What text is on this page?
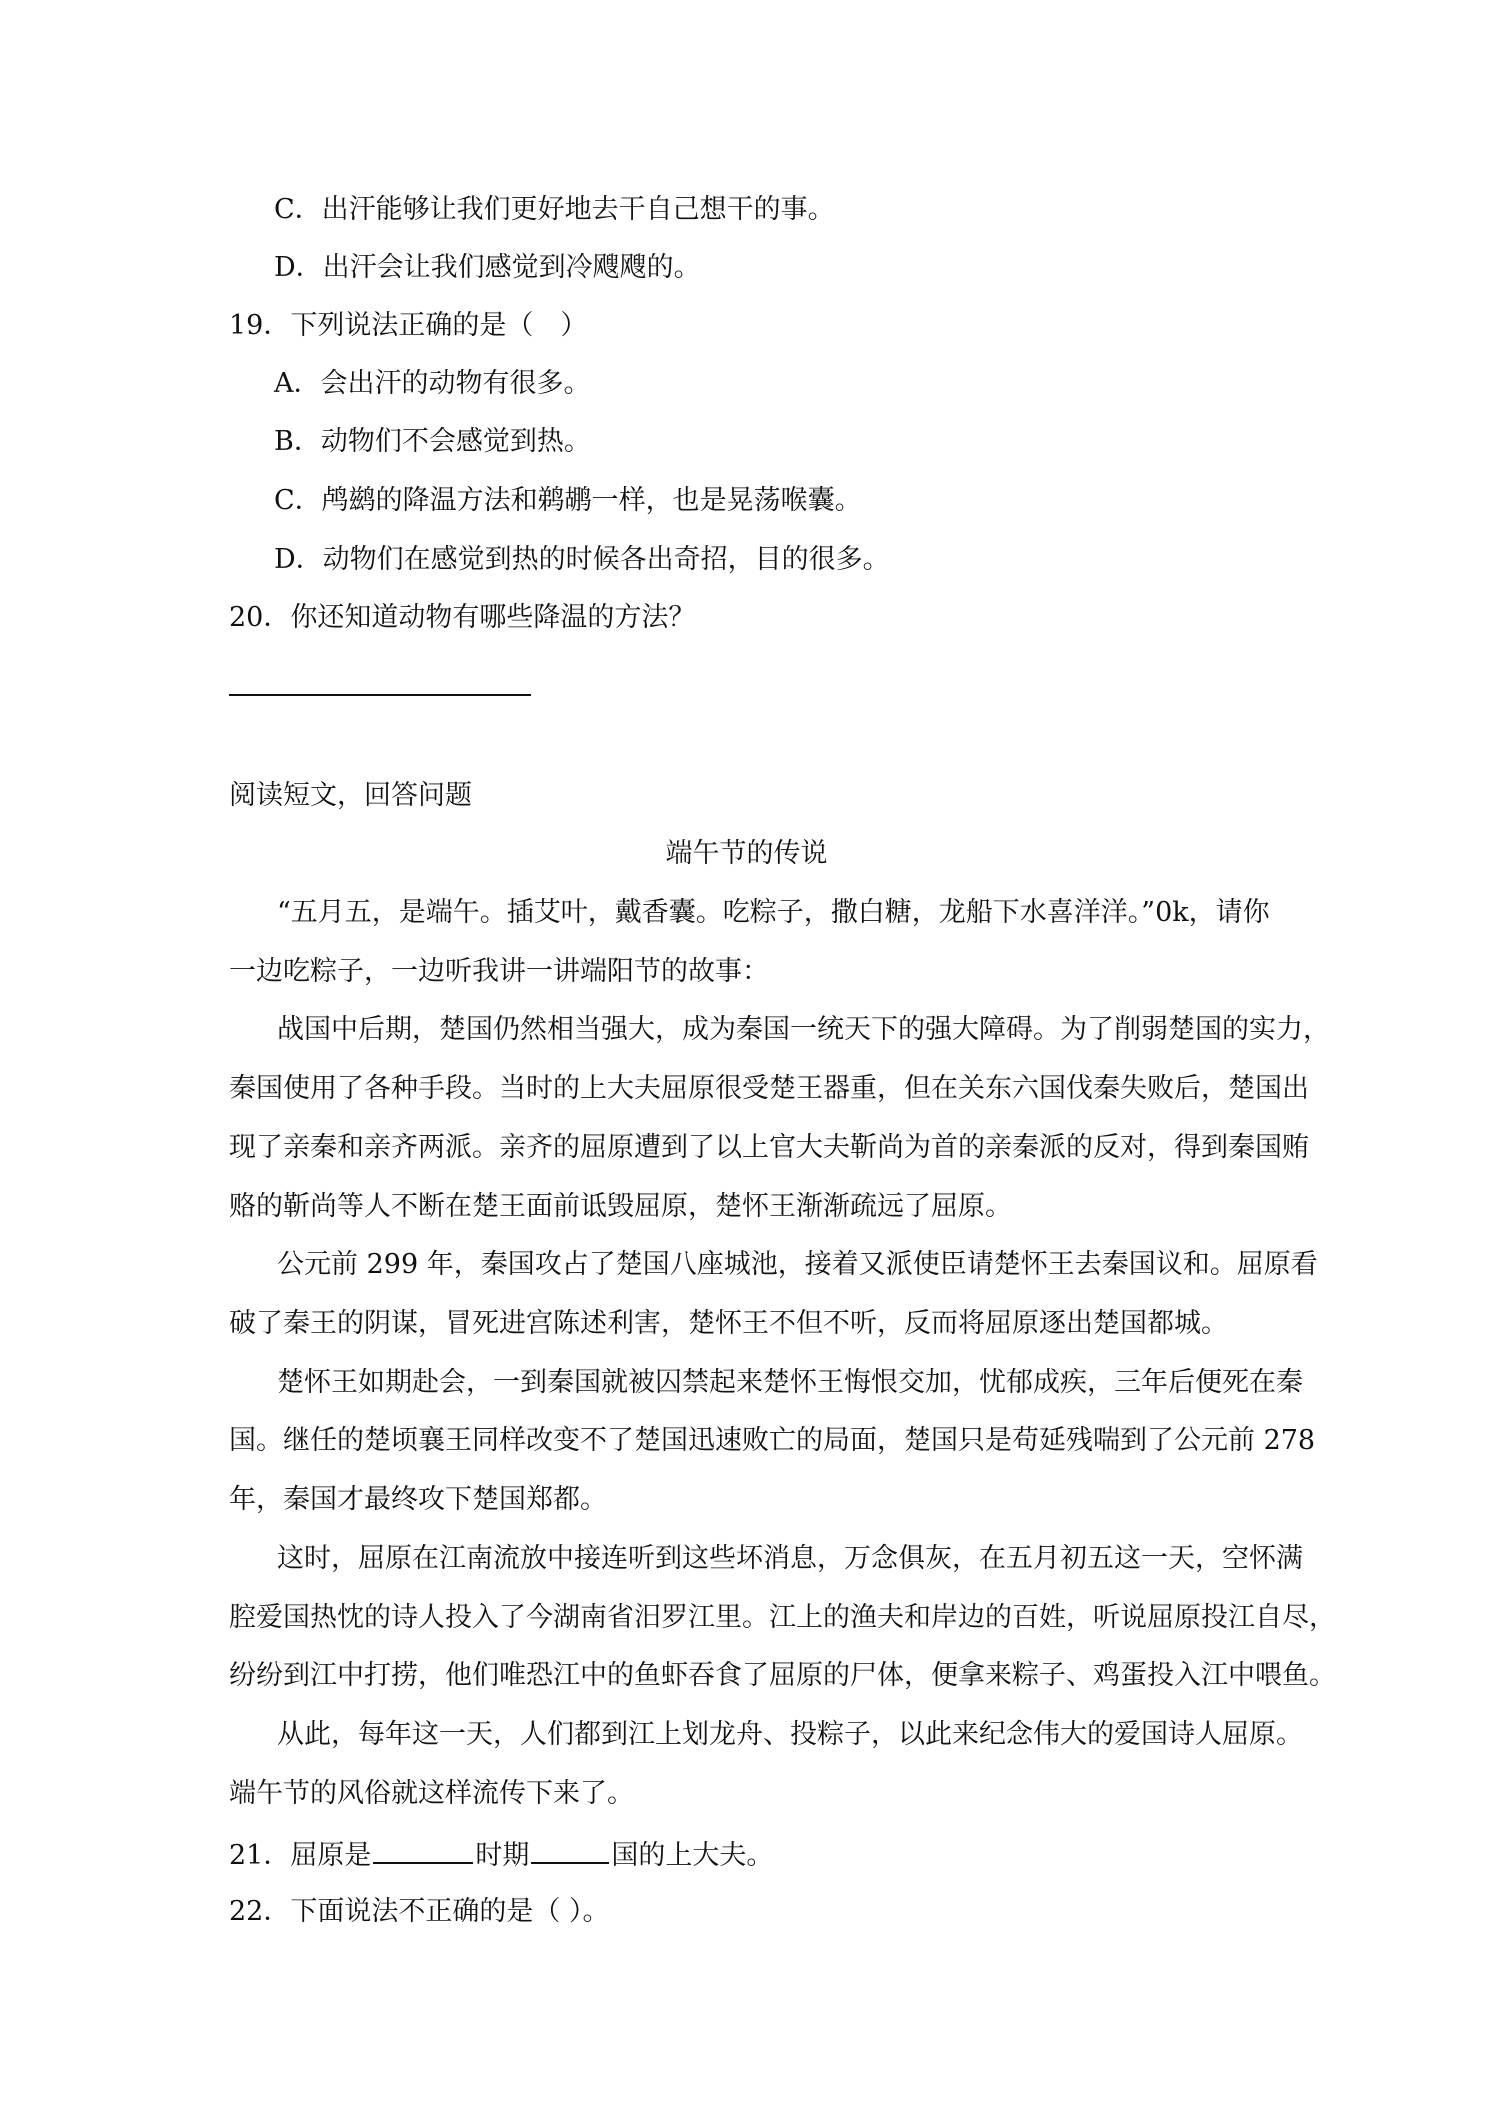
C．出汗能够让我们更好地去干自己想干的事。
D．出汗会让我们感觉到冷飕飕的。
19．下列说法正确的是（　）
A．会出汗的动物有很多。
B．动物们不会感觉到热。
C．鸬鹚的降温方法和鹈鹕一样，也是晃荡喉囊。
D．动物们在感觉到热的时候各出奇招，目的很多。
20．你还知道动物有哪些降温的方法？
阅读短文，回答问题
端午节的传说
“五月五，是端午。插艾叶，戴香囊。吃粽子，撒白糖，龙船下水喜洋洋。”0k，请你
一边吃粽子，一边听我讲一讲端阳节的故事：
战国中后期，楚国仍然相当强大，成为秦国一统天下的强大障碍。为了削弱楚国的实力，
秦国使用了各种手段。当时的上大夫屈原很受楚王器重，但在关东六国伐秦失败后，楚国出
现了亲秦和亲齐两派。亲齐的屈原遭到了以上官大夫靳尚为首的亲秦派的反对，得到秦国贿
赂的靳尚等人不断在楚王面前诋毁屈原，楚怀王渐渐疏远了屈原。
公元前 299 年，秦国攻占了楚国八座城池，接着又派使臣请楚怀王去秦国议和。屈原看
破了秦王的阴谋，冒死进宫陈述利害，楚怀王不但不听，反而将屈原逐出楚国都城。
楚怀王如期赴会，一到秦国就被囚禁起来楚怀王悔恨交加，忧郁成疾，三年后便死在秦
国。继任的楚顷襄王同样改变不了楚国迅速败亡的局面，楚国只是苟延残喘到了公元前 278
年，秦国才最终攻下楚国郑都。
这时，屈原在江南流放中接连听到这些坏消息，万念俱灰，在五月初五这一天，空怀满
腔爱国热忱的诗人投入了今湖南省汨罗江里。江上的渔夫和岸边的百姓，听说屈原投江自尽，
纷纷到江中打捞，他们唯恐江中的鱼虾吞食了屈原的尸体，便拿来粽子、鸡蛋投入江中喂鱼。
从此，每年这一天，人们都到江上划龙舟、投粽子，以此来纪念伟大的爱国诗人屈原。
端午节的风俗就这样流传下来了。
21．屈原是	时期	国的上大夫。
22．下面说法不正确的是（ ）。
